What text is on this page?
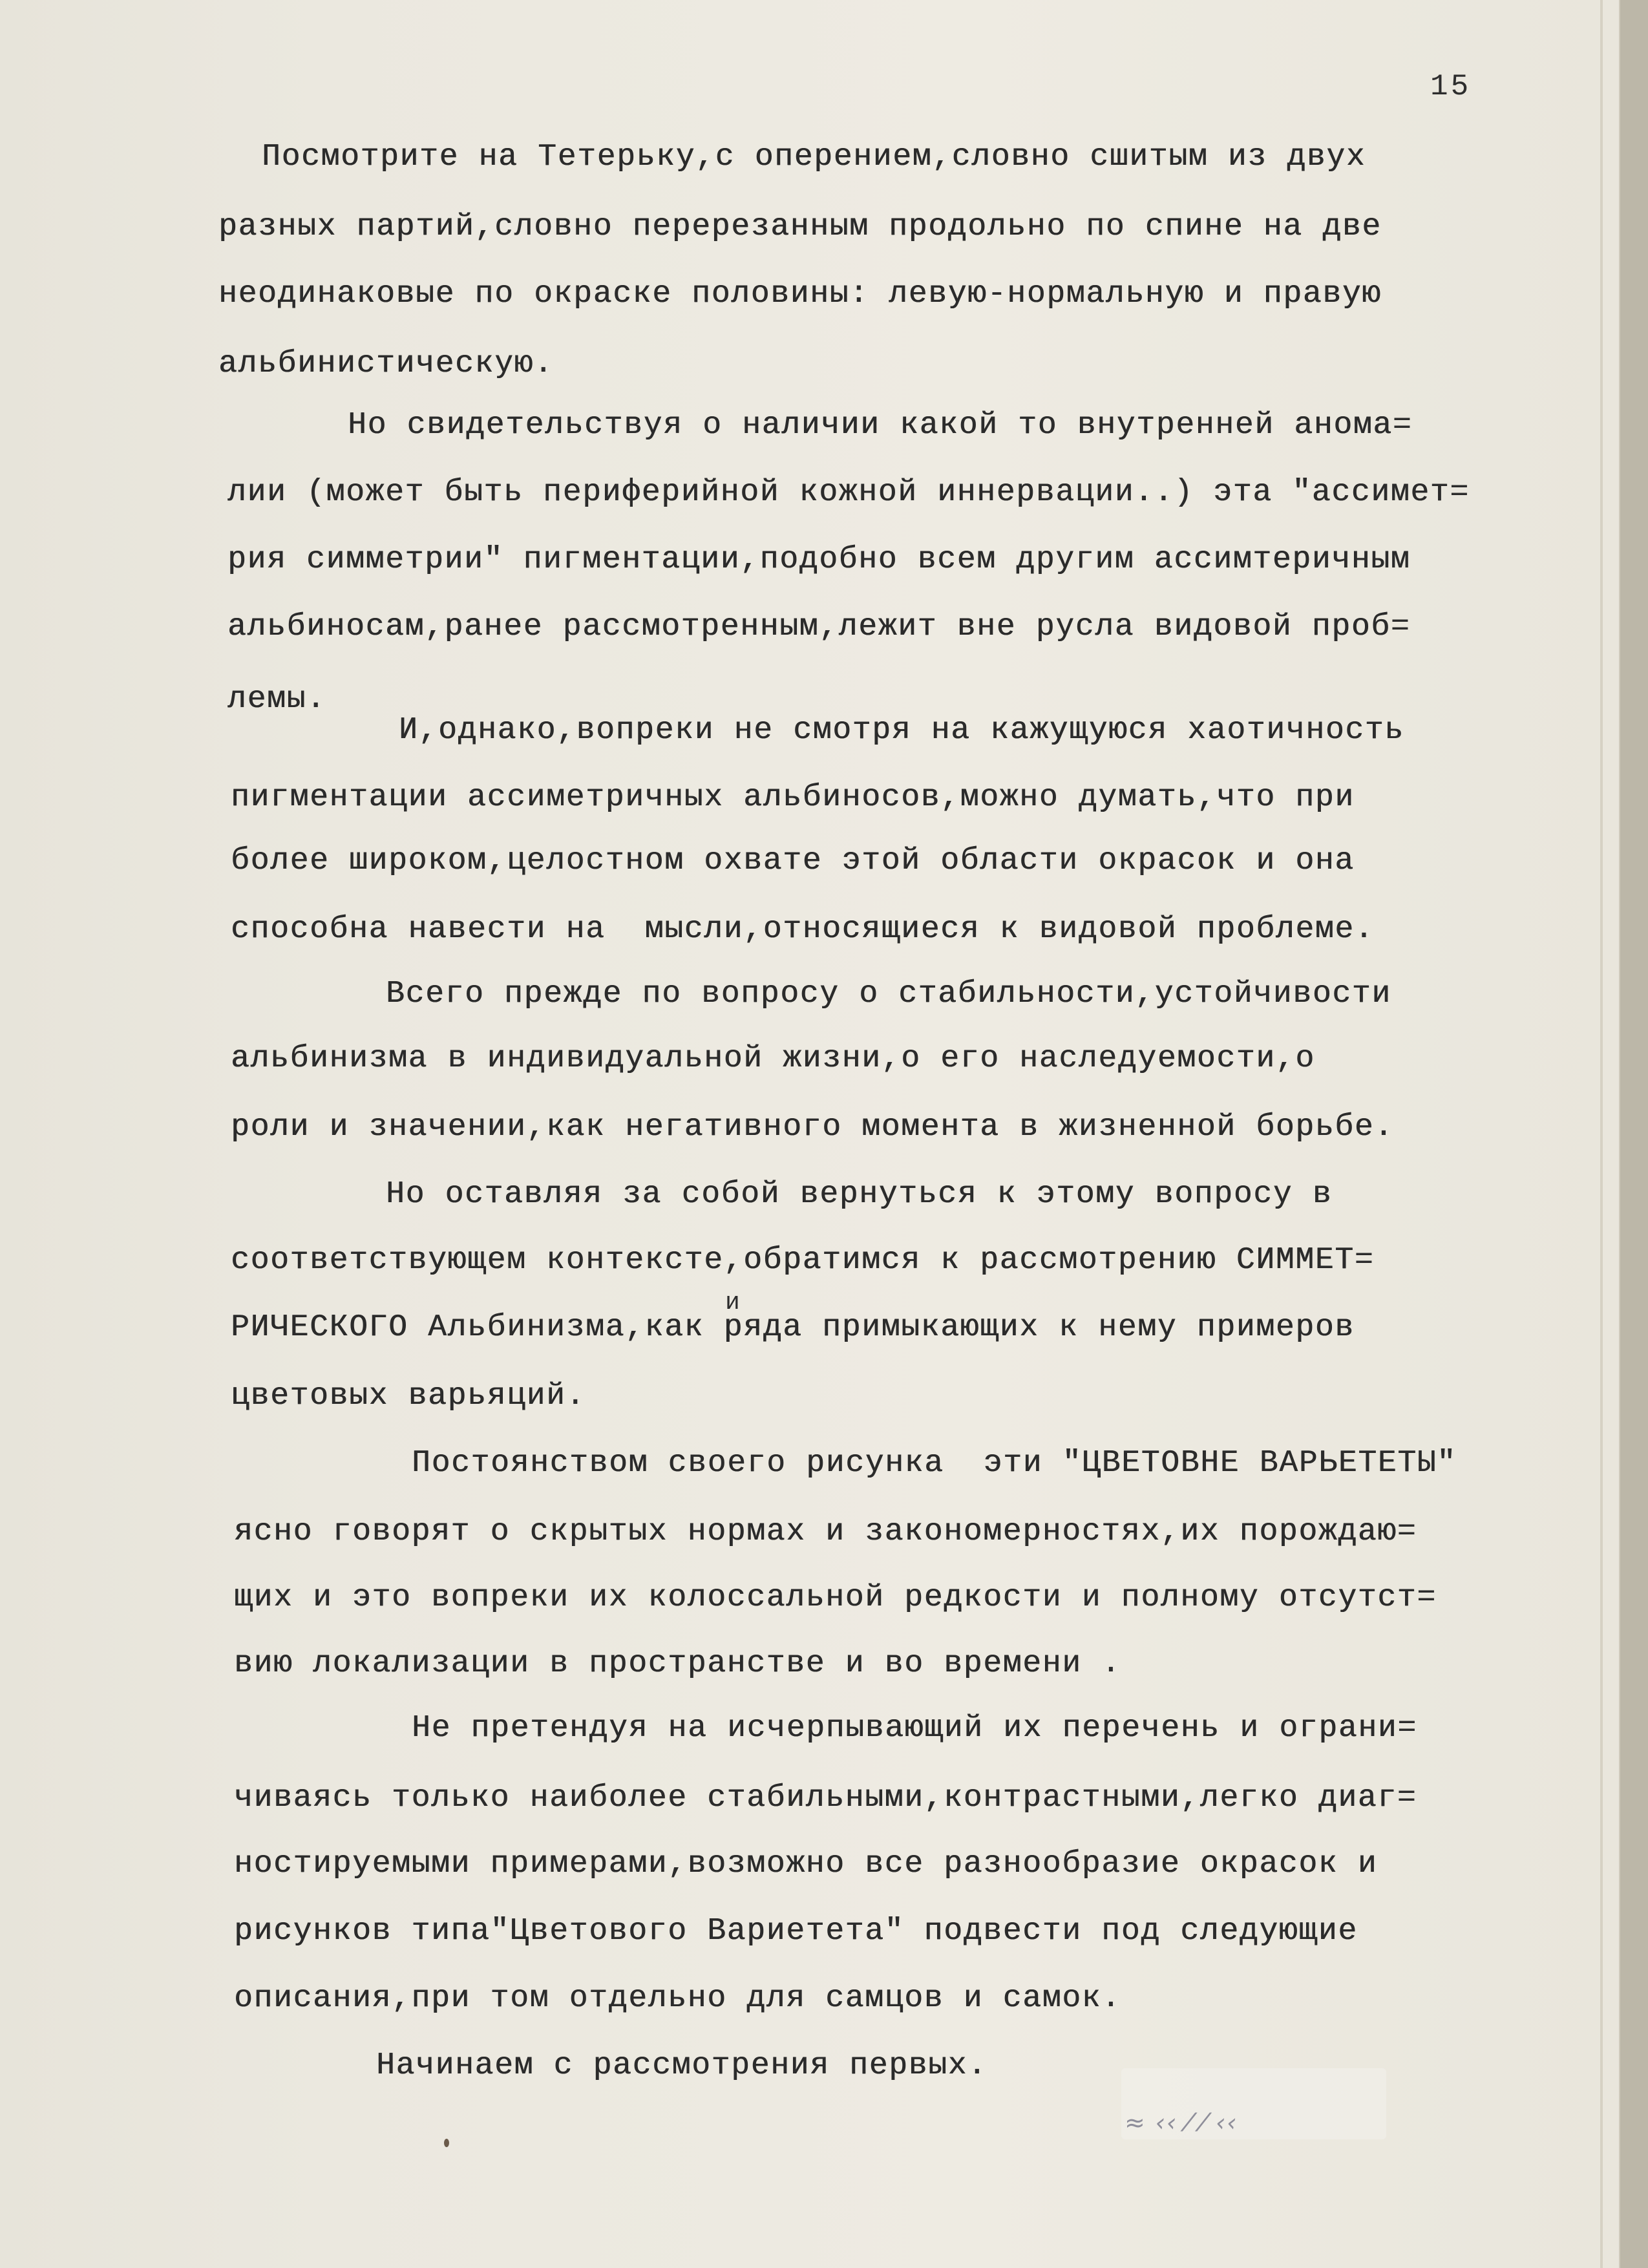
15
Посмотрите на Тетерьку,с оперением,словно сшитым из двух
разных партий,словно перерезанным продольно по спине на две
неодинаковые по окраске половины: левую-нормальную и правую
альбинистическую.
Но свидетельствуя о наличии какой то внутренней анома=
лии (может быть периферийной кожной иннервации..) эта "ассимет=
рия симметрии" пигментации,подобно всем другим ассимтеричным
альбиносам,ранее рассмотренным,лежит вне русла видовой проб=
лемы.
И,однако,вопреки не смотря на кажущуюся хаотичность
пигментации ассиметричных альбиносов,можно думать,что при
более широком,целостном охвате этой области окрасок и она
способна навести на  мысли,относящиеся к видовой проблеме.
Всего прежде по вопросу о стабильности,устойчивости
альбинизма в индивидуальной жизни,о его наследуемости,о
роли и значении,как негативного момента в жизненной борьбе.
Но оставляя за собой вернуться к этому вопросу в
соответствующем контексте,обратимся к рассмотрению СИММЕТ=
и
РИЧЕСКОГО Альбинизма,как ряда примыкающих к нему примеров
цветовых варьяций.
Постоянством своего рисунка  эти "ЦВЕТОВНЕ ВАРЬЕТЕТЫ"
ясно говорят о скрытых нормах и закономерностях,их порождаю=
щих и это вопреки их колоссальной редкости и полному отсутст=
вию локализации в пространстве и во времени .
Не претендуя на исчерпывающий их перечень и ограни=
чиваясь только наиболее стабильными,контрастными,легко диаг=
ностируемыми примерами,возможно все разнообразие окрасок и
рисунков типа"Цветового Вариетета" подвести под следующие
описания,при том отдельно для самцов и самок.
Начинаем с рассмотрения первых.
≈ ‹‹ ⁄ ⁄ ‹‹
